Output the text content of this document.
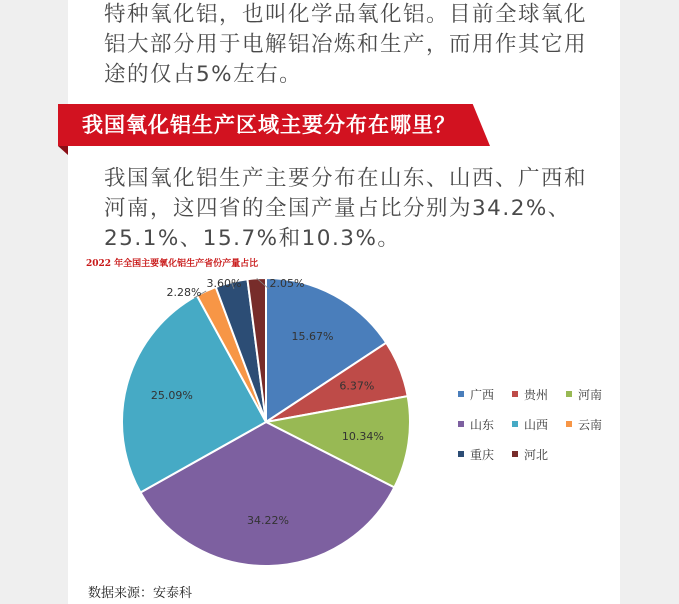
特种氧化铝，也叫化学品氧化铝。目前全球氧化

铝大部分用于电解铝冶炼和生产，而用作其它用

途的仅占5%左右。

我国氧化铝生产区域主要分布在哪里？

我国氧化铝生产主要分布在山东、山西、广西和

河南，这四省的全国产量占比分别为34.2%、

25.1%、15.7%和10.3%。

2022 年全国主要氧化铝生产省份产量占比
15.67%
6.37%
10.34%
34.22%
25.09%
2.28%
3.60%	2.05%
广西 贵州 河南
山东 山西 云南
重庆 河北
数据来源：安泰科
